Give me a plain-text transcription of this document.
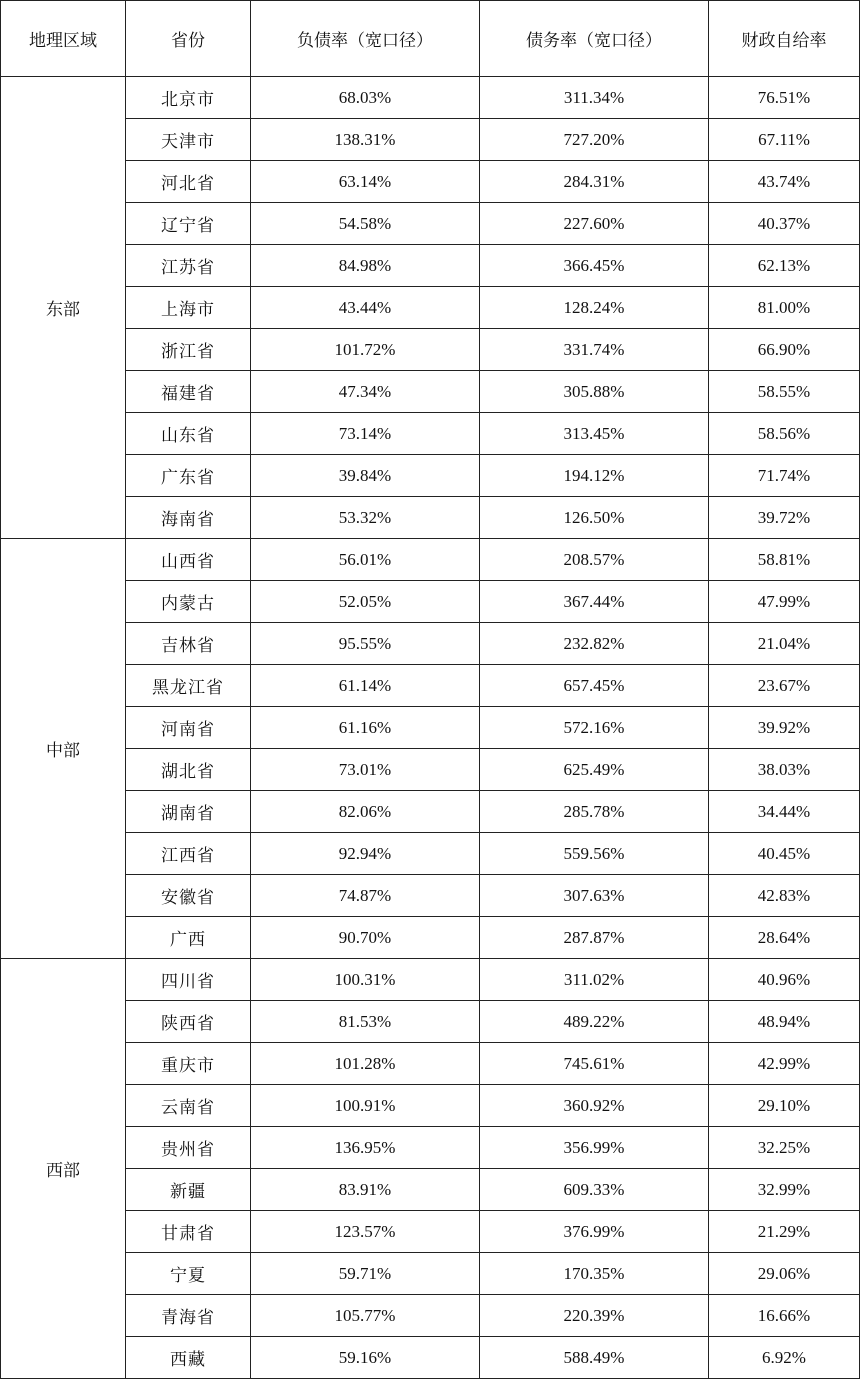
地理区域	省份	负债率（宽口径）	债务率（宽口径）	财政自给率
东部	北京市	68.03%	311.34%	76.51%
	天津市	138.31%	727.20%	67.11%
	河北省	63.14%	284.31%	43.74%
	辽宁省	54.58%	227.60%	40.37%
	江苏省	84.98%	366.45%	62.13%
	上海市	43.44%	128.24%	81.00%
	浙江省	101.72%	331.74%	66.90%
	福建省	47.34%	305.88%	58.55%
	山东省	73.14%	313.45%	58.56%
	广东省	39.84%	194.12%	71.74%
	海南省	53.32%	126.50%	39.72%
中部	山西省	56.01%	208.57%	58.81%
	内蒙古	52.05%	367.44%	47.99%
	吉林省	95.55%	232.82%	21.04%
	黑龙江省	61.14%	657.45%	23.67%
	河南省	61.16%	572.16%	39.92%
	湖北省	73.01%	625.49%	38.03%
	湖南省	82.06%	285.78%	34.44%
	江西省	92.94%	559.56%	40.45%
	安徽省	74.87%	307.63%	42.83%
	广西	90.70%	287.87%	28.64%
西部	四川省	100.31%	311.02%	40.96%
	陕西省	81.53%	489.22%	48.94%
	重庆市	101.28%	745.61%	42.99%
	云南省	100.91%	360.92%	29.10%
	贵州省	136.95%	356.99%	32.25%
	新疆	83.91%	609.33%	32.99%
	甘肃省	123.57%	376.99%	21.29%
	宁夏	59.71%	170.35%	29.06%
	青海省	105.77%	220.39%	16.66%
	西藏	59.16%	588.49%	6.92%
